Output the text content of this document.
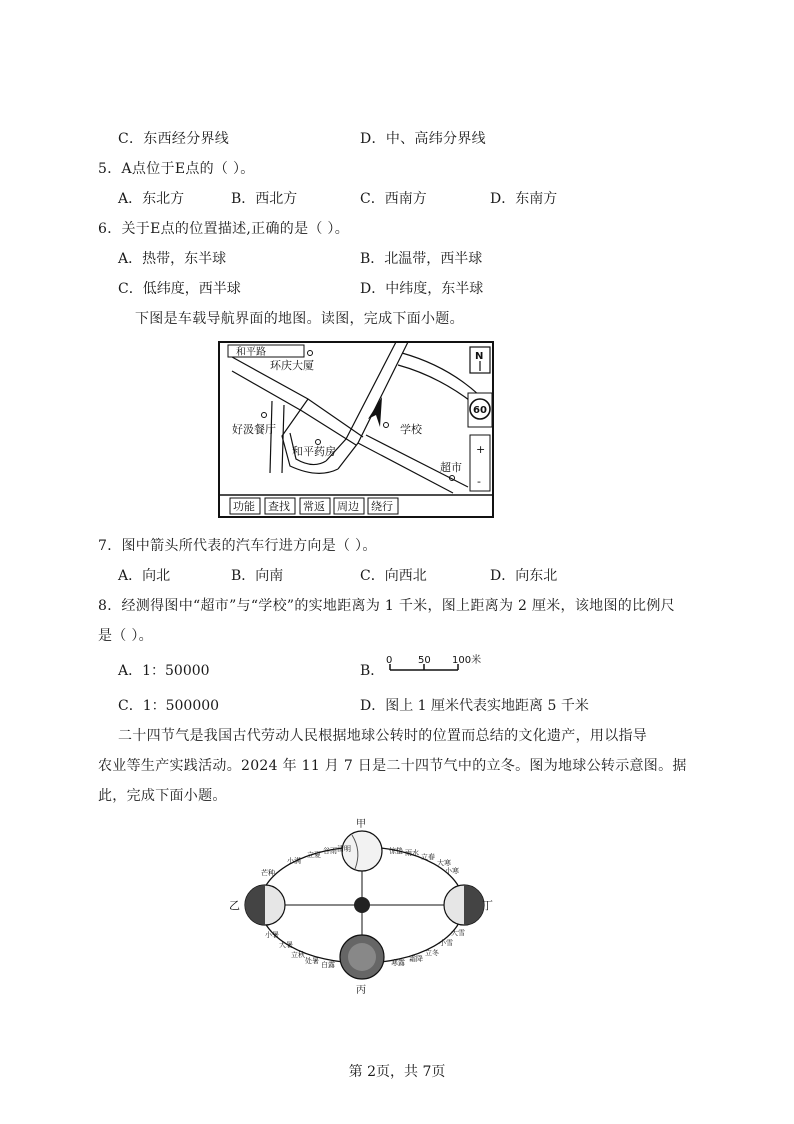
C．东西经分界线	D．中、高纬分界线
5．A点位于E点的（ ）。
A．东北方	B．西北方	C．西南方	D．东南方
6．关于E点的位置描述,正确的是（ ）。
A．热带，东半球	B．北温带，西半球
C．低纬度，西半球	D．中纬度，东半球
下图是车载导航界面的地图。读图，完成下面小题。
和平路
环庆大厦
学校
好汲餐厅
和平药房
超市
N
60
+
-
功能 查找 常返 周边 绕行
7．图中箭头所代表的汽车行进方向是（ ）。
A．向北	B．向南	C．向西北	D．向东北
8．经测得图中“超市”与“学校”的实地距离为 1 千米，图上距离为 2 厘米，该地图的比例尺
是（ ）。
A．1：50000	B．
0	50 100米
C．1：500000	D．图上 1 厘米代表实地距离 5 千米
二十四节气是我国古代劳动人民根据地球公转时的位置而总结的文化遗产，用以指导
农业等生产实践活动。2024 年 11 月 7 日是二十四节气中的立冬。图为地球公转示意图。据
此，完成下面小题。
甲
乙
丙
丁
小满
立夏 谷雨 清明
芒种
惊蛰 雨水 立春
大寒
小寒
小暑
大暑
立秋
处暑 白露
大雪
小雪
立冬
霜降
寒露
第 2页，共 7页
